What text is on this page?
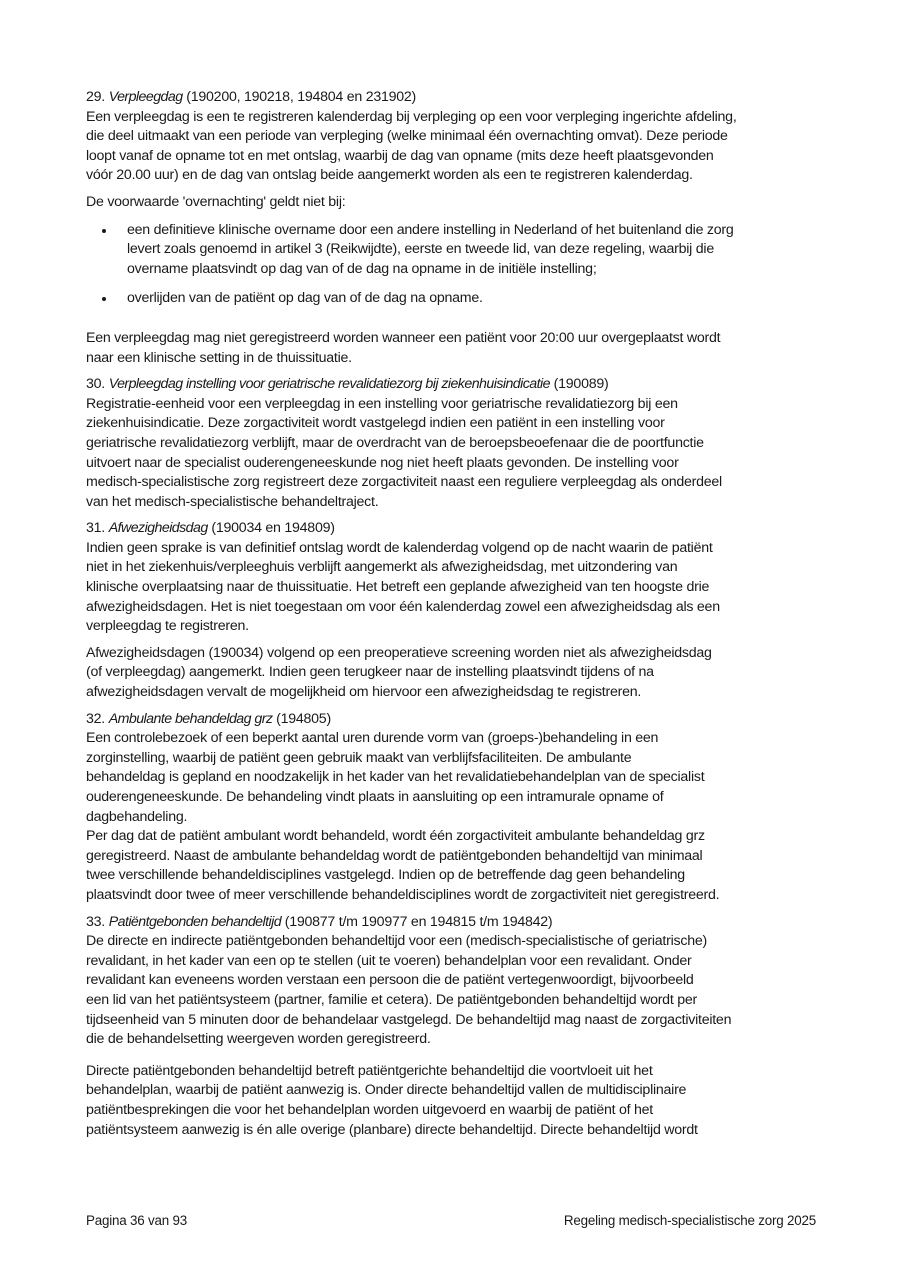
29. Verpleegdag (190200, 190218, 194804 en 231902)
Een verpleegdag is een te registreren kalenderdag bij verpleging op een voor verpleging ingerichte afdeling,
die deel uitmaakt van een periode van verpleging (welke minimaal één overnachting omvat). Deze periode
loopt vanaf de opname tot en met ontslag, waarbij de dag van opname (mits deze heeft plaatsgevonden
vóór 20.00 uur) en de dag van ontslag beide aangemerkt worden als een te registreren kalenderdag.
De voorwaarde 'overnachting' geldt niet bij:
een definitieve klinische overname door een andere instelling in Nederland of het buitenland die zorg
levert zoals genoemd in artikel 3 (Reikwijdte), eerste en tweede lid, van deze regeling, waarbij die
overname plaatsvindt op dag van of de dag na opname in de initiële instelling;
overlijden van de patiënt op dag van of de dag na opname.
Een verpleegdag mag niet geregistreerd worden wanneer een patiënt voor 20:00 uur overgeplaatst wordt
naar een klinische setting in de thuissituatie.
30. Verpleegdag instelling voor geriatrische revalidatiezorg bij ziekenhuisindicatie (190089)
Registratie-eenheid voor een verpleegdag in een instelling voor geriatrische revalidatiezorg bij een
ziekenhuisindicatie. Deze zorgactiviteit wordt vastgelegd indien een patiënt in een instelling voor
geriatrische revalidatiezorg verblijft, maar de overdracht van de beroepsbeoefenaar die de poortfunctie
uitvoert naar de specialist ouderengeneeskunde nog niet heeft plaats gevonden. De instelling voor
medisch-specialistische zorg registreert deze zorgactiviteit naast een reguliere verpleegdag als onderdeel
van het medisch-specialistische behandeltraject.
31. Afwezigheidsdag (190034 en 194809)
Indien geen sprake is van definitief ontslag wordt de kalenderdag volgend op de nacht waarin de patiënt
niet in het ziekenhuis/verpleeghuis verblijft aangemerkt als afwezigheidsdag, met uitzondering van
klinische overplaatsing naar de thuissituatie. Het betreft een geplande afwezigheid van ten hoogste drie
afwezigheidsdagen. Het is niet toegestaan om voor één kalenderdag zowel een afwezigheidsdag als een
verpleegdag te registreren.
Afwezigheidsdagen (190034) volgend op een preoperatieve screening worden niet als afwezigheidsdag
(of verpleegdag) aangemerkt. Indien geen terugkeer naar de instelling plaatsvindt tijdens of na
afwezigheidsdagen vervalt de mogelijkheid om hiervoor een afwezigheidsdag te registreren.
32. Ambulante behandeldag grz (194805)
Een controlebezoek of een beperkt aantal uren durende vorm van (groeps-)behandeling in een
zorginstelling, waarbij de patiënt geen gebruik maakt van verblijfsfaciliteiten. De ambulante
behandeldag is gepland en noodzakelijk in het kader van het revalidatiebehandelplan van de specialist
ouderengeneeskunde. De behandeling vindt plaats in aansluiting op een intramurale opname of
dagbehandeling.
Per dag dat de patiënt ambulant wordt behandeld, wordt één zorgactiviteit ambulante behandeldag grz
geregistreerd. Naast de ambulante behandeldag wordt de patiëntgebonden behandeltijd van minimaal
twee verschillende behandeldisciplines vastgelegd. Indien op de betreffende dag geen behandeling
plaatsvindt door twee of meer verschillende behandeldisciplines wordt de zorgactiviteit niet geregistreerd.
33. Patiëntgebonden behandeltijd (190877 t/m 190977 en 194815 t/m 194842)
De directe en indirecte patiëntgebonden behandeltijd voor een (medisch-specialistische of geriatrische)
revalidant, in het kader van een op te stellen (uit te voeren) behandelplan voor een revalidant. Onder
revalidant kan eveneens worden verstaan een persoon die de patiënt vertegenwoordigt, bijvoorbeeld
een lid van het patiëntsysteem (partner, familie et cetera). De patiëntgebonden behandeltijd wordt per
tijdseenheid van 5 minuten door de behandelaar vastgelegd. De behandeltijd mag naast de zorgactiviteiten
die de behandelsetting weergeven worden geregistreerd.
Directe patiëntgebonden behandeltijd betreft patiëntgerichte behandeltijd die voortvloeit uit het
behandelplan, waarbij de patiënt aanwezig is. Onder directe behandeltijd vallen de multidisciplinaire
patiëntbesprekingen die voor het behandelplan worden uitgevoerd en waarbij de patiënt of het
patiëntsysteem aanwezig is én alle overige (planbare) directe behandeltijd. Directe behandeltijd wordt
Pagina 36 van 93	Regeling medisch-specialistische zorg 2025
